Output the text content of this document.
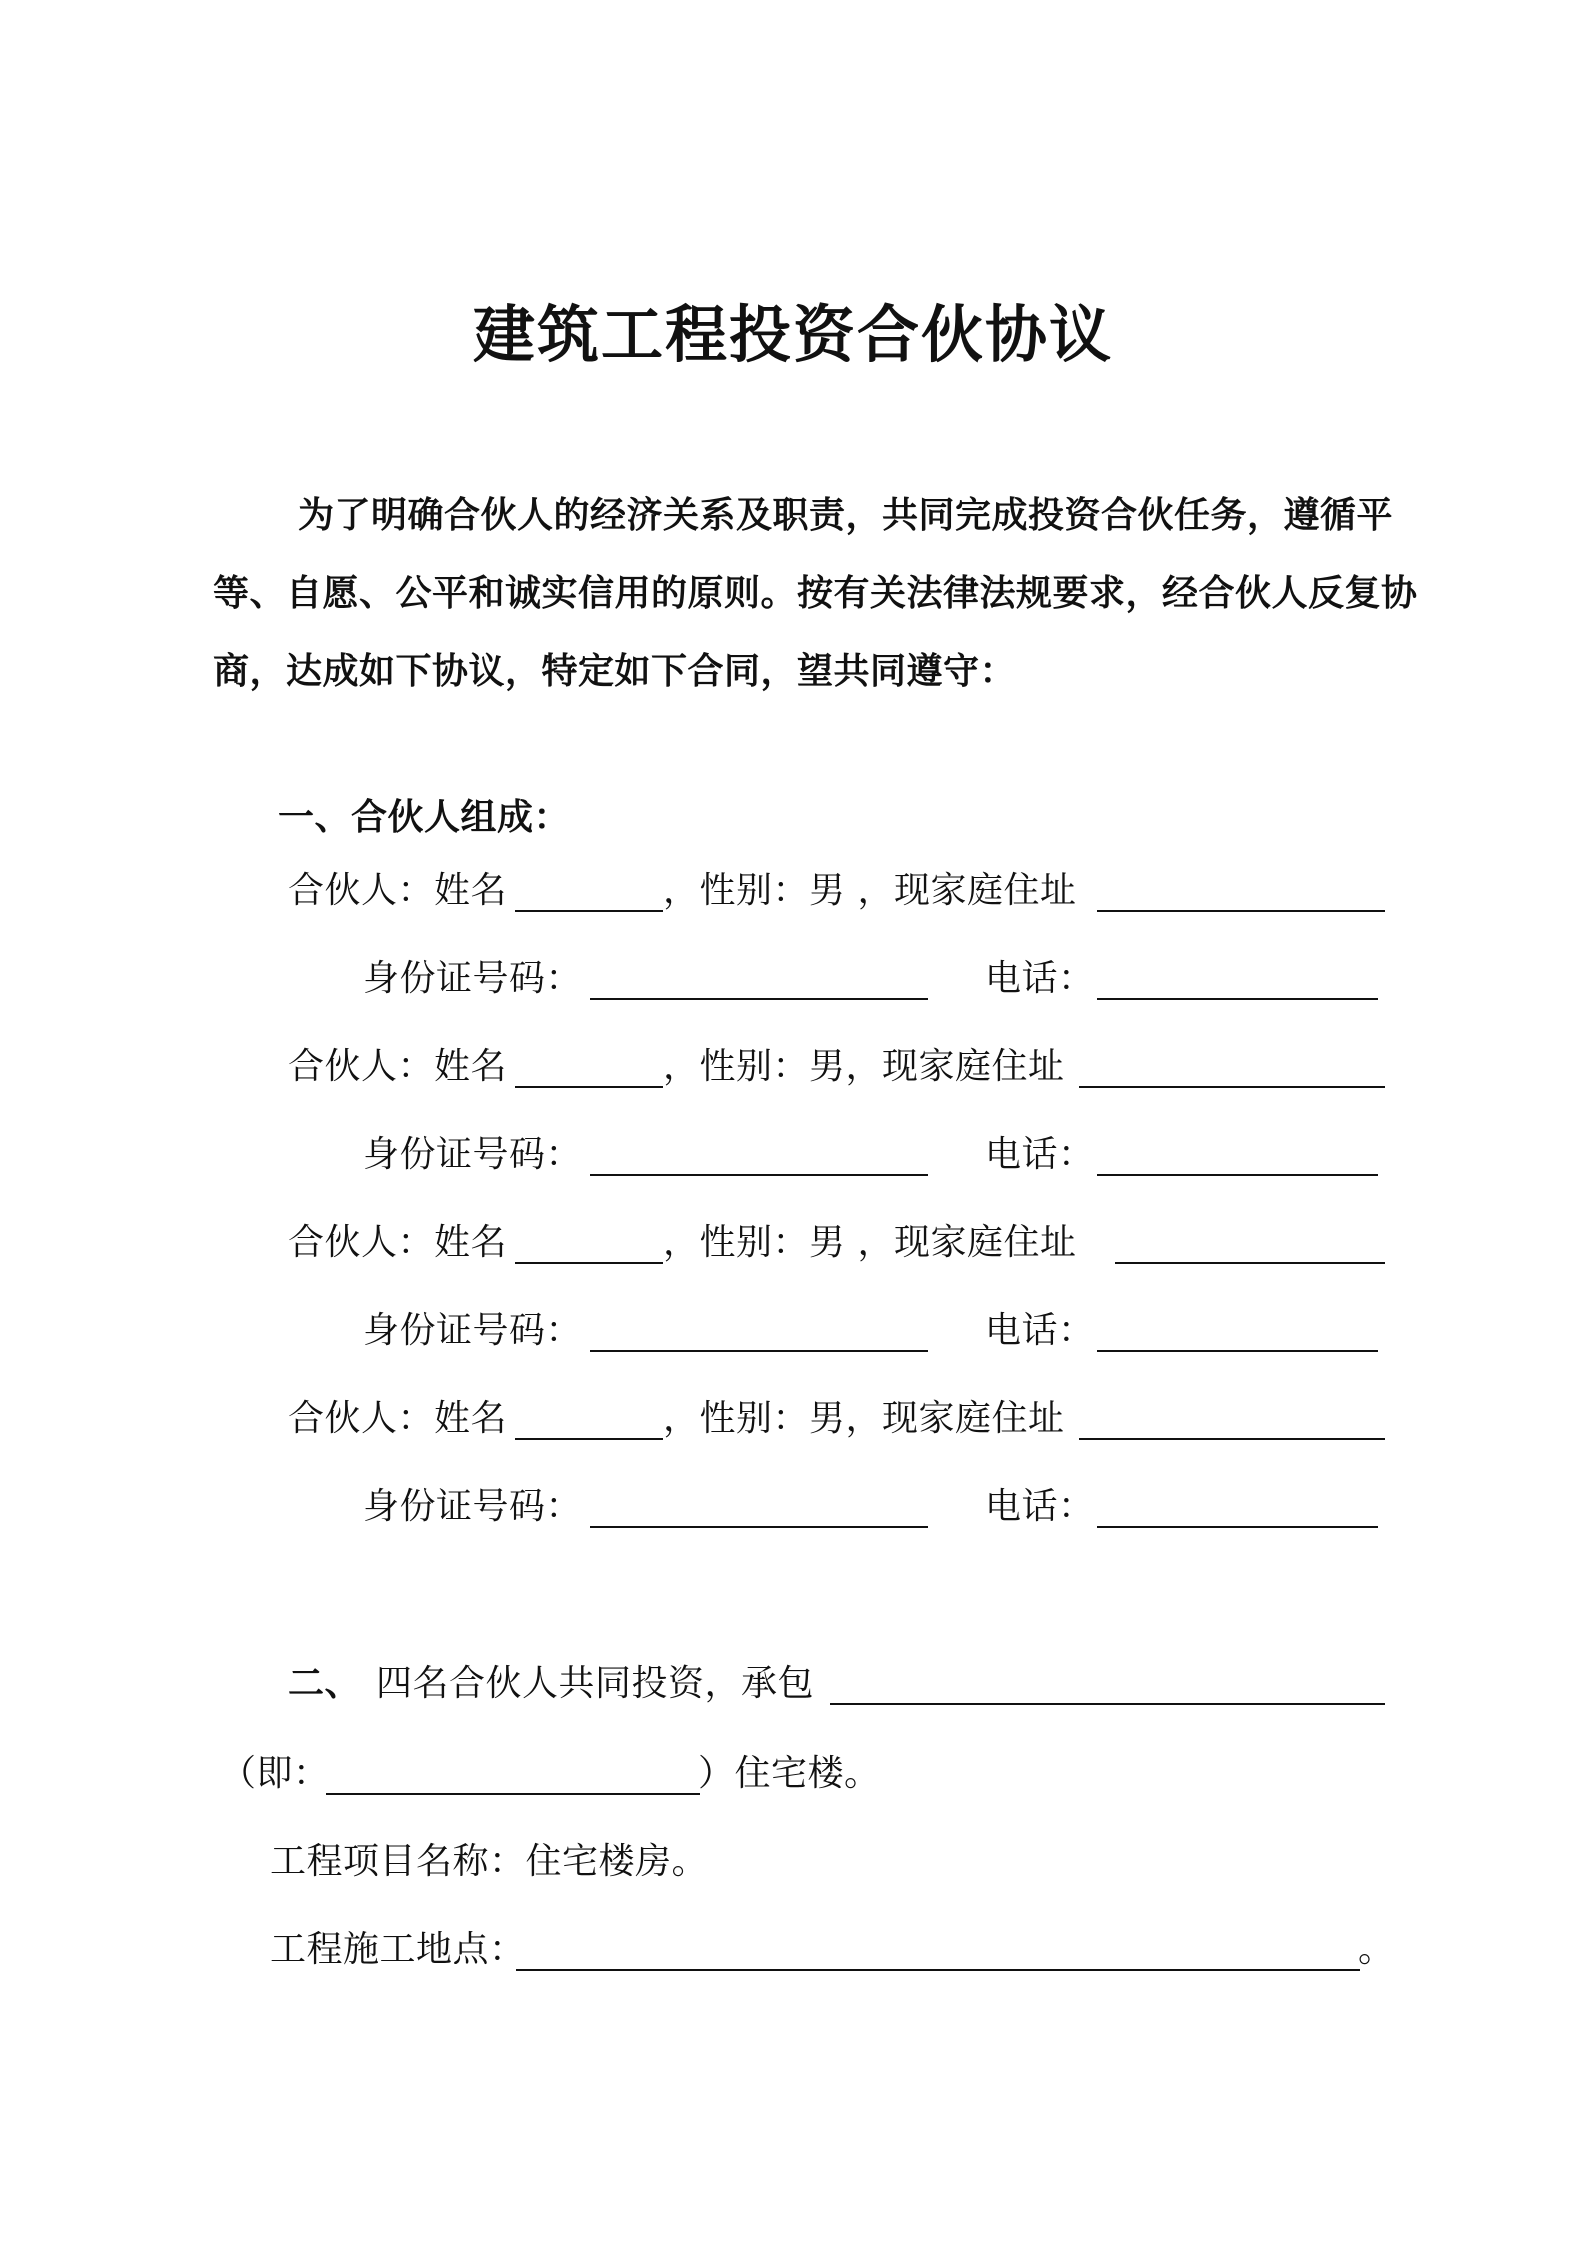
建筑工程投资合伙协议
为了明确合伙人的经济关系及职责，共同完成投资合伙任务，遵循平
等、自愿、公平和诚实信用的原则。按有关法律法规要求，经合伙人反复协
商，达成如下协议，特定如下合同，望共同遵守：
一、合伙人组成：
合伙人：姓名	，性别：男 ，现家庭住址
身份证号码：	电话：
合伙人：姓名	，性别：男，现家庭住址
身份证号码：	电话：
合伙人：姓名	，性别：男 ，现家庭住址
身份证号码：	电话：
合伙人：姓名	，性别：男，现家庭住址
身份证号码：	电话：
二、 四名合伙人共同投资，承包
（即：	）住宅楼。
工程项目名称：住宅楼房。
工程施工地点：	。
